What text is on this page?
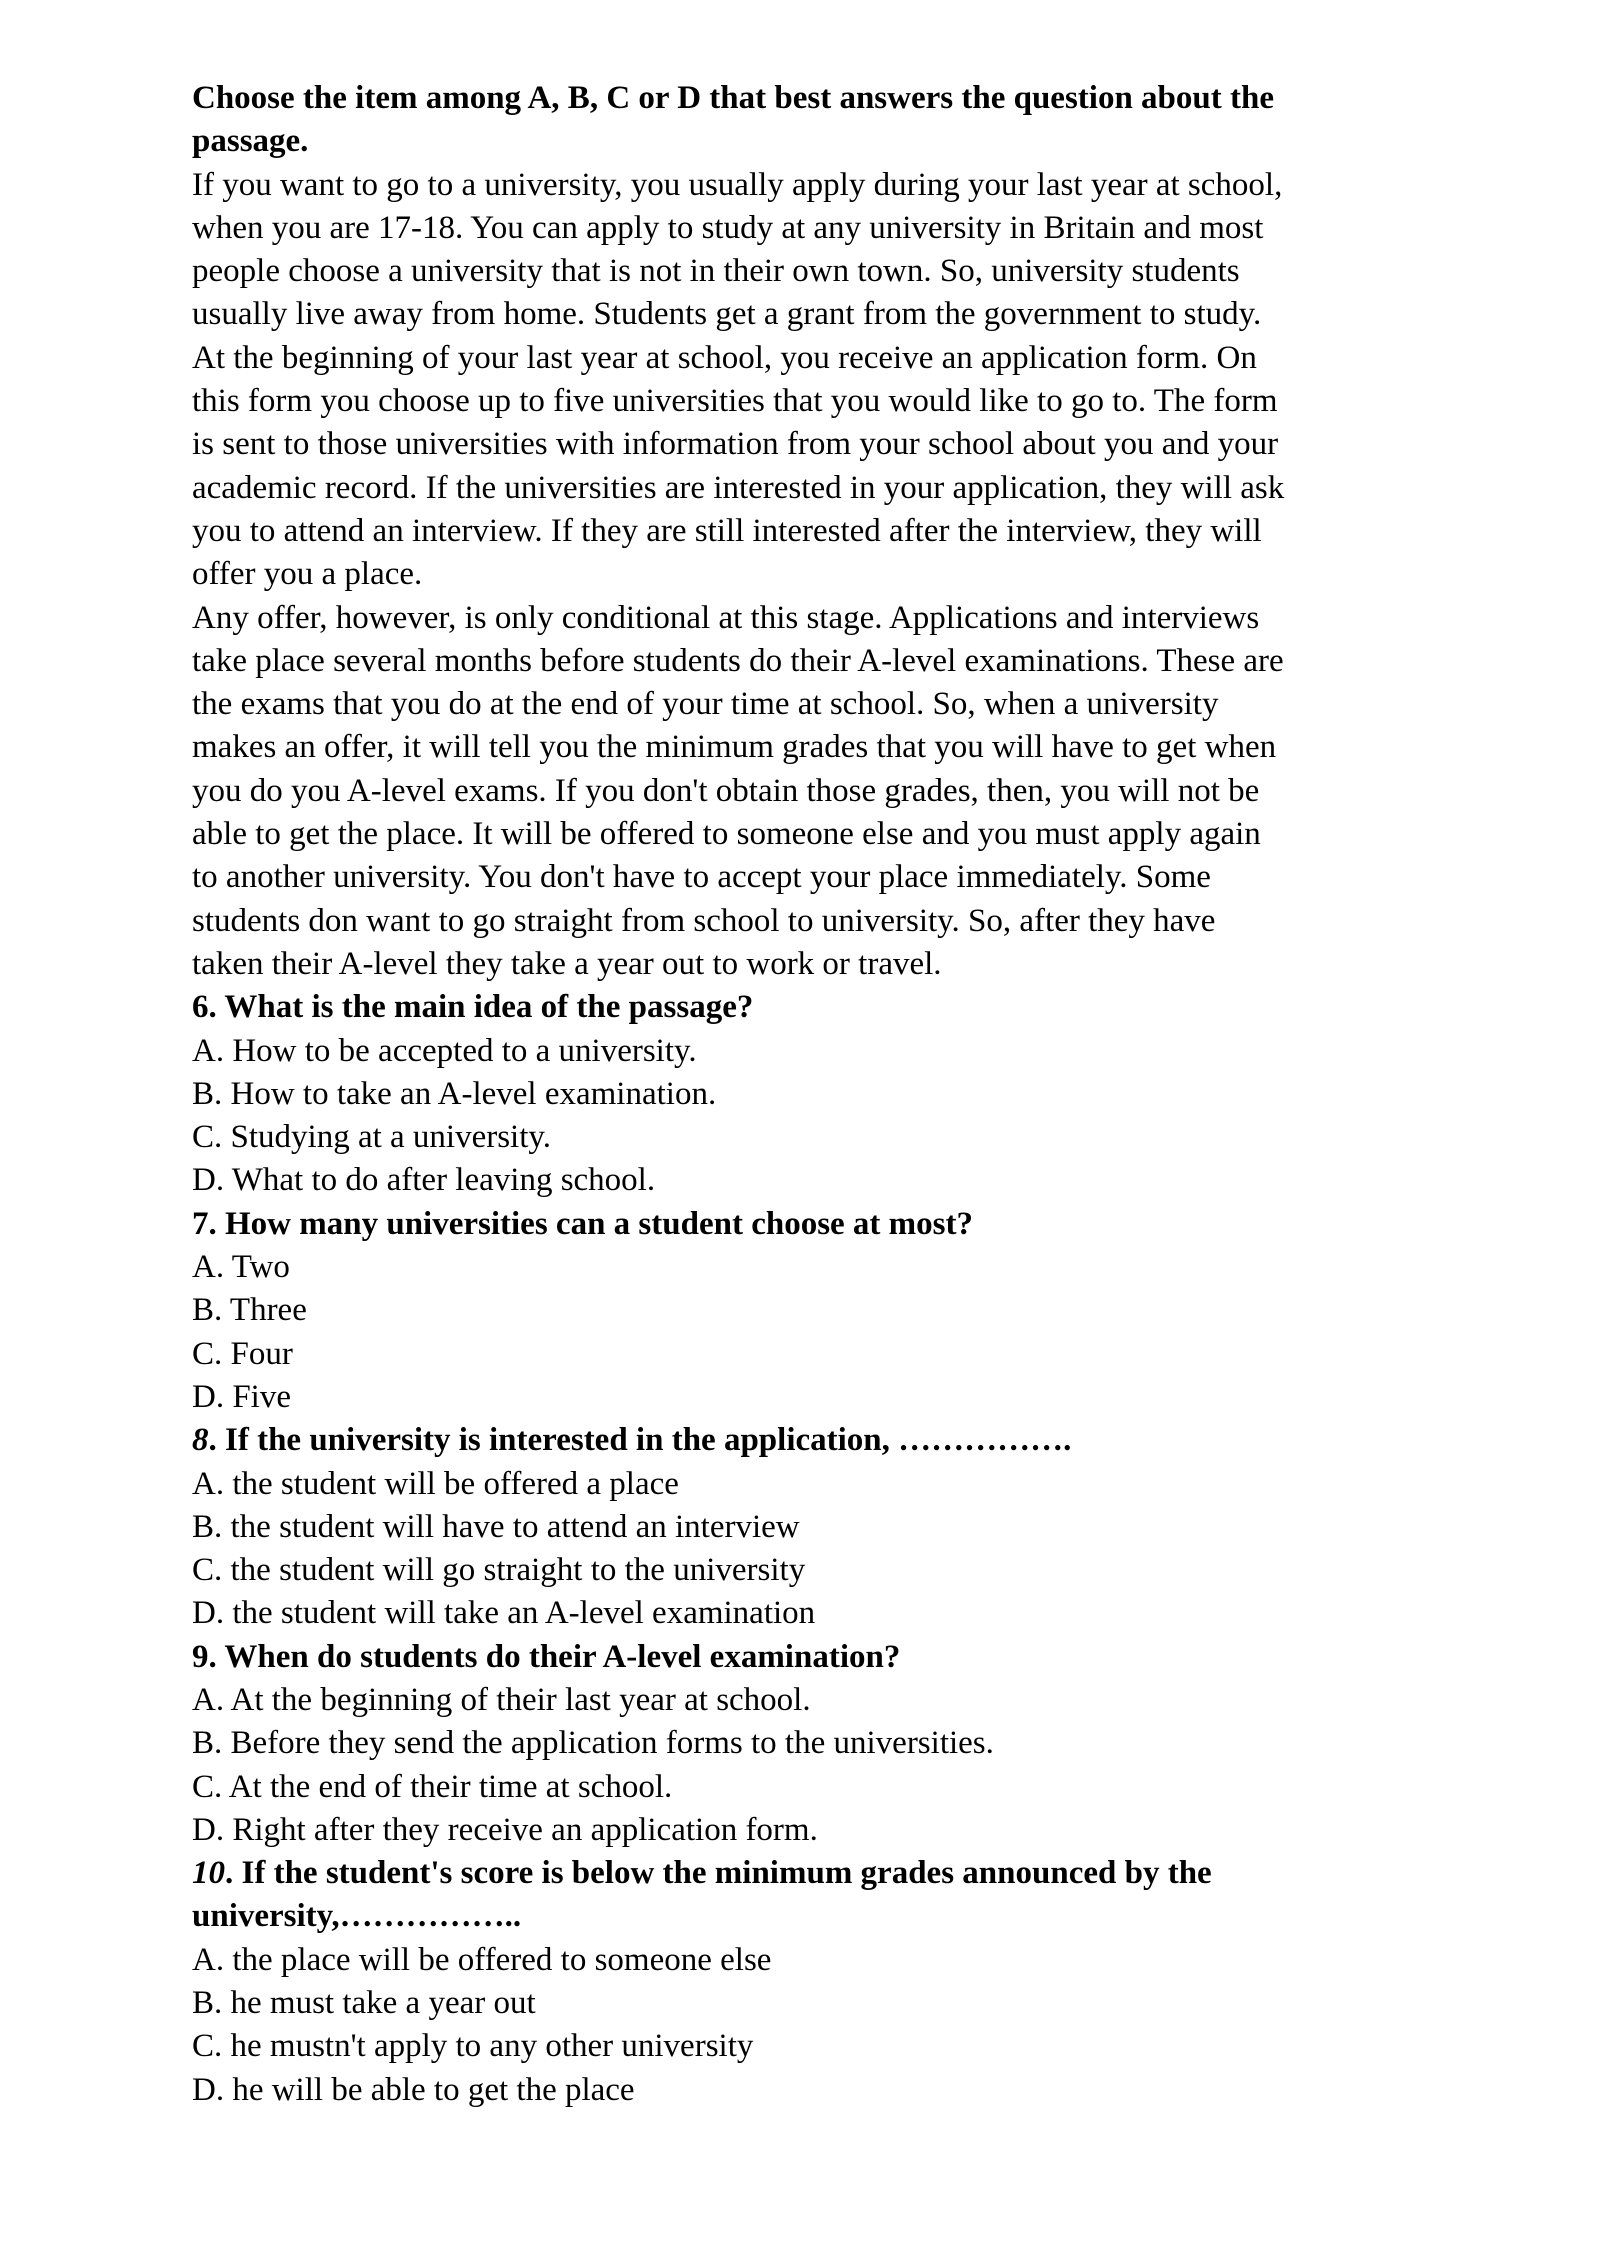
Choose the item among A, B, C or D that best answers the question about the
passage.
If you want to go to a university, you usually apply during your last year at school,
when you are 17-18. You can apply to study at any university in Britain and most
people choose a university that is not in their own town. So, university students
usually live away from home. Students get a grant from the government to study.
At the beginning of your last year at school, you receive an application form. On
this form you choose up to five universities that you would like to go to. The form
is sent to those universities with information from your school about you and your
academic record. If the universities are interested in your application, they will ask
you to attend an interview. If they are still interested after the interview, they will
offer you a place.
Any offer, however, is only conditional at this stage. Applications and interviews
take place several months before students do their A-level examinations. These are
the exams that you do at the end of your time at school. So, when a university
makes an offer, it will tell you the minimum grades that you will have to get when
you do you A-level exams. If you don't obtain those grades, then, you will not be
able to get the place. It will be offered to someone else and you must apply again
to another university. You don't have to accept your place immediately. Some
students don want to go straight from school to university. So, after they have
taken their A-level they take a year out to work or travel.
6. What is the main idea of the passage?
A. How to be accepted to a university.
B. How to take an A-level examination.
C. Studying at a university.
D. What to do after leaving school.
7. How many universities can a student choose at most?
A. Two
B. Three
C. Four
D. Five
8. If the university is interested in the application, …………….
A. the student will be offered a place
B. the student will have to attend an interview
C. the student will go straight to the university
D. the student will take an A-level examination
9. When do students do their A-level examination?
A. At the beginning of their last year at school.
B. Before they send the application forms to the universities.
C. At the end of their time at school.
D. Right after they receive an application form.
10. If the student's score is below the minimum grades announced by the
university,……………..
A. the place will be offered to someone else
B. he must take a year out
C. he mustn't apply to any other university
D. he will be able to get the place
